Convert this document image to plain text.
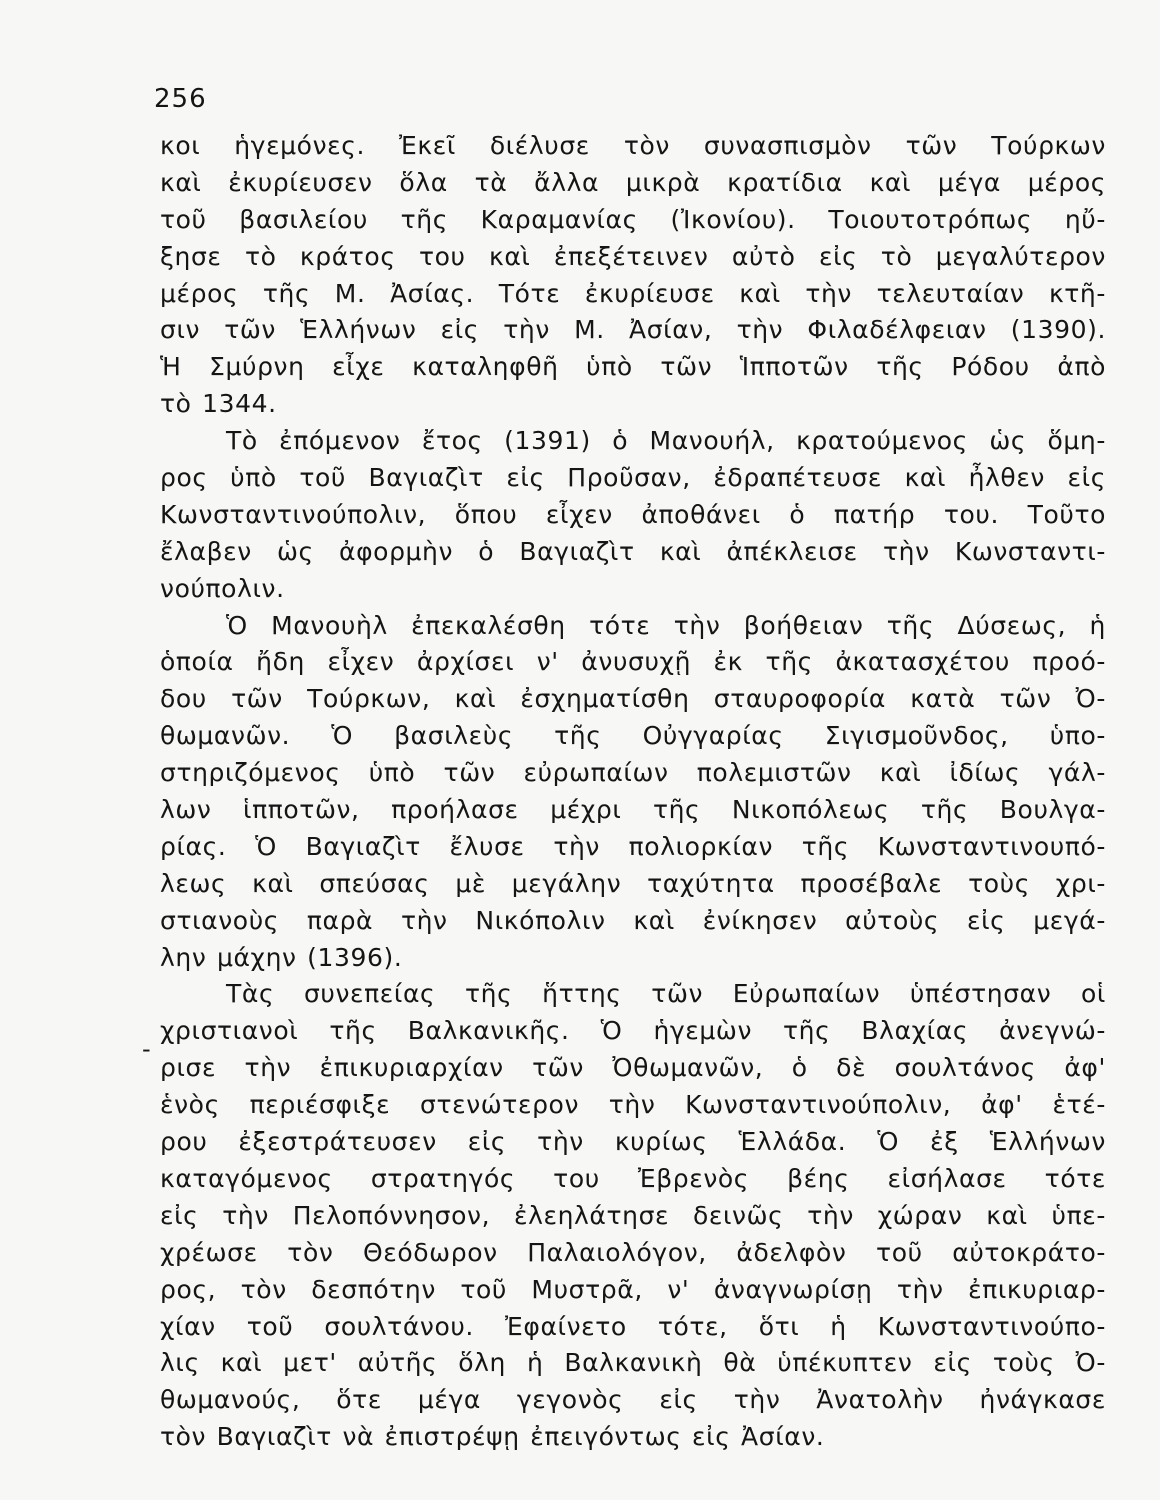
256
κοι ἡγεμόνες. Ἐκεῖ διέλυσε τὸν συνασπισμὸν τῶν Τούρκων
καὶ ἐκυρίευσεν ὅλα τὰ ἄλλα μικρὰ κρατίδια καὶ μέγα μέρος
τοῦ βασιλείου τῆς Καραμανίας (Ἰκονίου). Τοιουτοτρόπως ηὔ-
ξησε τὸ κράτος του καὶ ἐπεξέτεινεν αὐτὸ εἰς τὸ μεγαλύτερον
μέρος τῆς Μ. Ἀσίας. Τότε ἐκυρίευσε καὶ τὴν τελευταίαν κτῆ-
σιν τῶν Ἑλλήνων εἰς τὴν Μ. Ἀσίαν, τὴν Φιλαδέλφειαν (1390).
Ἡ Σμύρνη εἶχε καταληφθῆ ὑπὸ τῶν Ἱπποτῶν τῆς Ρόδου ἀπὸ
τὸ 1344.
Τὸ ἐπόμενον ἔτος (1391) ὁ Μανουήλ, κρατούμενος ὡς ὅμη-
ρος ὑπὸ τοῦ Βαγιαζὶτ εἰς Προῦσαν, ἐδραπέτευσε καὶ ἦλθεν εἰς
Κωνσταντινούπολιν, ὅπου εἶχεν ἀποθάνει ὁ πατήρ του. Τοῦτο
ἔλαβεν ὡς ἀφορμὴν ὁ Βαγιαζὶτ καὶ ἀπέκλεισε τὴν Κωνσταντι-
νούπολιν.
Ὁ Μανουὴλ ἐπεκαλέσθη τότε τὴν βοήθειαν τῆς Δύσεως, ἡ
ὁποία ἤδη εἶχεν ἀρχίσει ν' ἀνυσυχῇ ἐκ τῆς ἀκατασχέτου προό-
δου τῶν Τούρκων, καὶ ἐσχηματίσθη σταυροφορία κατὰ τῶν Ὀ-
θωμανῶν. Ὁ βασιλεὺς τῆς Οὐγγαρίας Σιγισμοῦνδος, ὑπο-
στηριζόμενος ὑπὸ τῶν εὐρωπαίων πολεμιστῶν καὶ ἰδίως γάλ-
λων ἱπποτῶν, προήλασε μέχρι τῆς Νικοπόλεως τῆς Βουλγα-
ρίας. Ὁ Βαγιαζὶτ ἔλυσε τὴν πολιορκίαν τῆς Κωνσταντινουπό-
λεως καὶ σπεύσας μὲ μεγάλην ταχύτητα προσέβαλε τοὺς χρι-
στιανοὺς παρὰ τὴν Νικόπολιν καὶ ἐνίκησεν αὐτοὺς εἰς μεγά-
λην μάχην (1396).
Τὰς συνεπείας τῆς ἥττης τῶν Εὐρωπαίων ὑπέστησαν οἱ
χριστιανοὶ τῆς Βαλκανικῆς. Ὁ ἡγεμὼν τῆς Βλαχίας ἀνεγνώ-
ρισε τὴν ἐπικυριαρχίαν τῶν Ὀθωμανῶν, ὁ δὲ σουλτάνος ἀφ'
ἑνὸς περιέσφιξε στενώτερον τὴν Κωνσταντινούπολιν, ἀφ' ἑτέ-
ρου ἐξεστράτευσεν εἰς τὴν κυρίως Ἑλλάδα. Ὁ ἐξ Ἑλλήνων
καταγόμενος στρατηγός του Ἐβρενὸς βέης εἰσήλασε τότε
εἰς τὴν Πελοπόννησον, ἐλεηλάτησε δεινῶς τὴν χώραν καὶ ὑπε-
χρέωσε τὸν Θεόδωρον Παλαιολόγον, ἀδελφὸν τοῦ αὐτοκράτο-
ρος, τὸν δεσπότην τοῦ Μυστρᾶ, ν' ἀναγνωρίσῃ τὴν ἐπικυριαρ-
χίαν τοῦ σουλτάνου. Ἐφαίνετο τότε, ὅτι ἡ Κωνσταντινούπο-
λις καὶ μετ' αὐτῆς ὅλη ἡ Βαλκανικὴ θὰ ὑπέκυπτεν εἰς τοὺς Ὀ-
θωμανούς, ὅτε μέγα γεγονὸς εἰς τὴν Ἀνατολὴν ἠνάγκασε
τὸν Βαγιαζὶτ νὰ ἐπιστρέψῃ ἐπειγόντως εἰς Ἀσίαν.
-
